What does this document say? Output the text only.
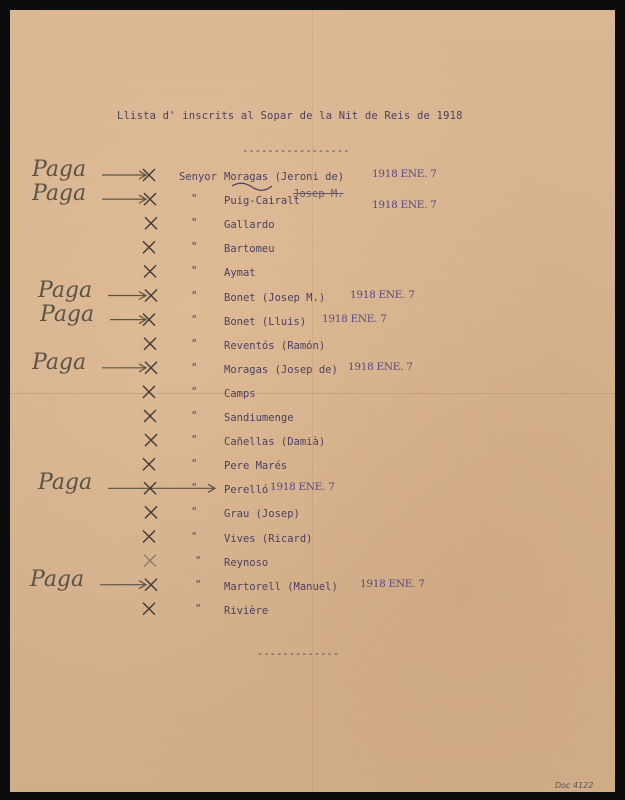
Llista d' inscrits al Sopar de la Nit de Reis de 1918
-----------------
Senyor Moragas (Jeroni de)	1918 ENE. 7
Paga
"	Puig-Cairalt	1918 ENE. 7
Josep M.
Paga
"	Gallardo
"	Bartomeu
"	Aymat
"	Bonet (Josep M.) 1918 ENE. 7
Paga
"	Bonet (Lluis) 1918 ENE. 7
Paga
"	Reventós (Ramón)
"	Moragas (Josep de) 1918 ENE. 7
Paga
"	Camps
"	Sandiumenge
"	Cañellas (Damià)
"	Pere Marés
"	Perelló 1918 ENE. 7
Paga
"	Grau (Josep)
"	Vives (Ricard)
" Reynoso
" Martorell (Manuel) 1918 ENE. 7
Paga
" Rivière
-------------
Doc 4122
